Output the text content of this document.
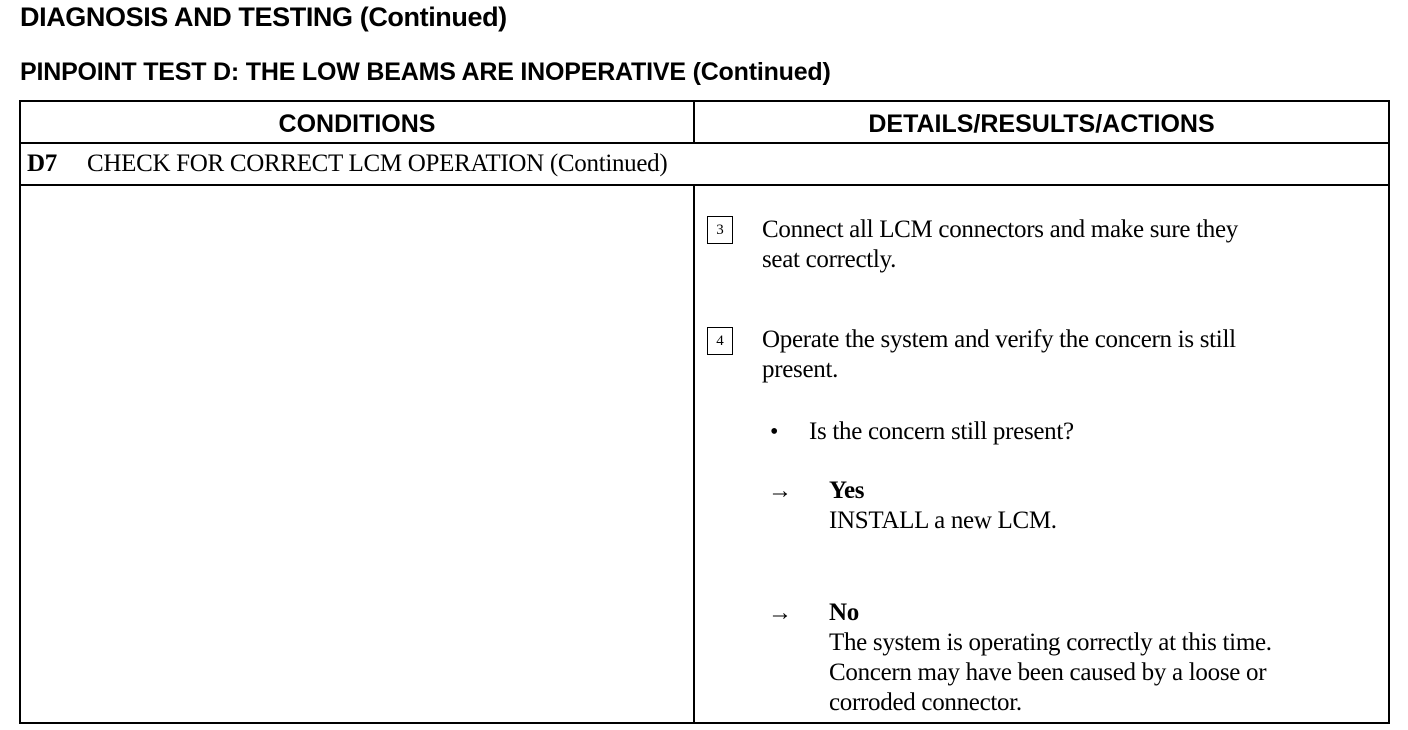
DIAGNOSIS AND TESTING (Continued)
PINPOINT TEST D: THE LOW BEAMS ARE INOPERATIVE (Continued)
CONDITIONS	DETAILS/RESULTS/ACTIONS
D7 CHECK FOR CORRECT LCM OPERATION (Continued)
3	Connect all LCM connectors and make sure they
seat correctly.
4	Operate the system and verify the concern is still
present.
• Is the concern still present?
→ Yes
INSTALL a new LCM.
→ No
The system is operating correctly at this time.
Concern may have been caused by a loose or
corroded connector.
